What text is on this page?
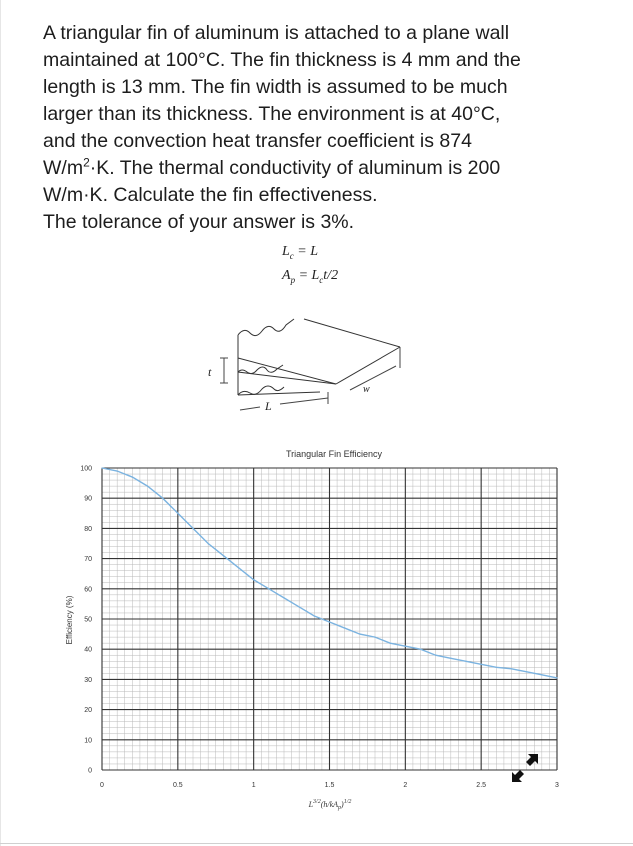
A triangular fin of aluminum is attached to a plane wall

maintained at 100°C. The fin thickness is 4 mm and the

length is 13 mm. The fin width is assumed to be much

larger than its thickness. The environment is at 40°C,

and the convection heat transfer coefficient is 874

$W/m^2\cdot K$. The thermal conductivity of aluminum is 200

W/m·K. Calculate the fin effectiveness.

The tolerance of your answer is 3%.

$L_c = L$
$A_p = L_ct/2$
t
L
w
Triangular Fin Efficiency
0	0.5	1	1.5	2	2.5	3
0
10
20
30
40
50
60
70
80
90
100
Efficiency (%)
$L^{3/2}(h/kA_p)^{1/2}$
